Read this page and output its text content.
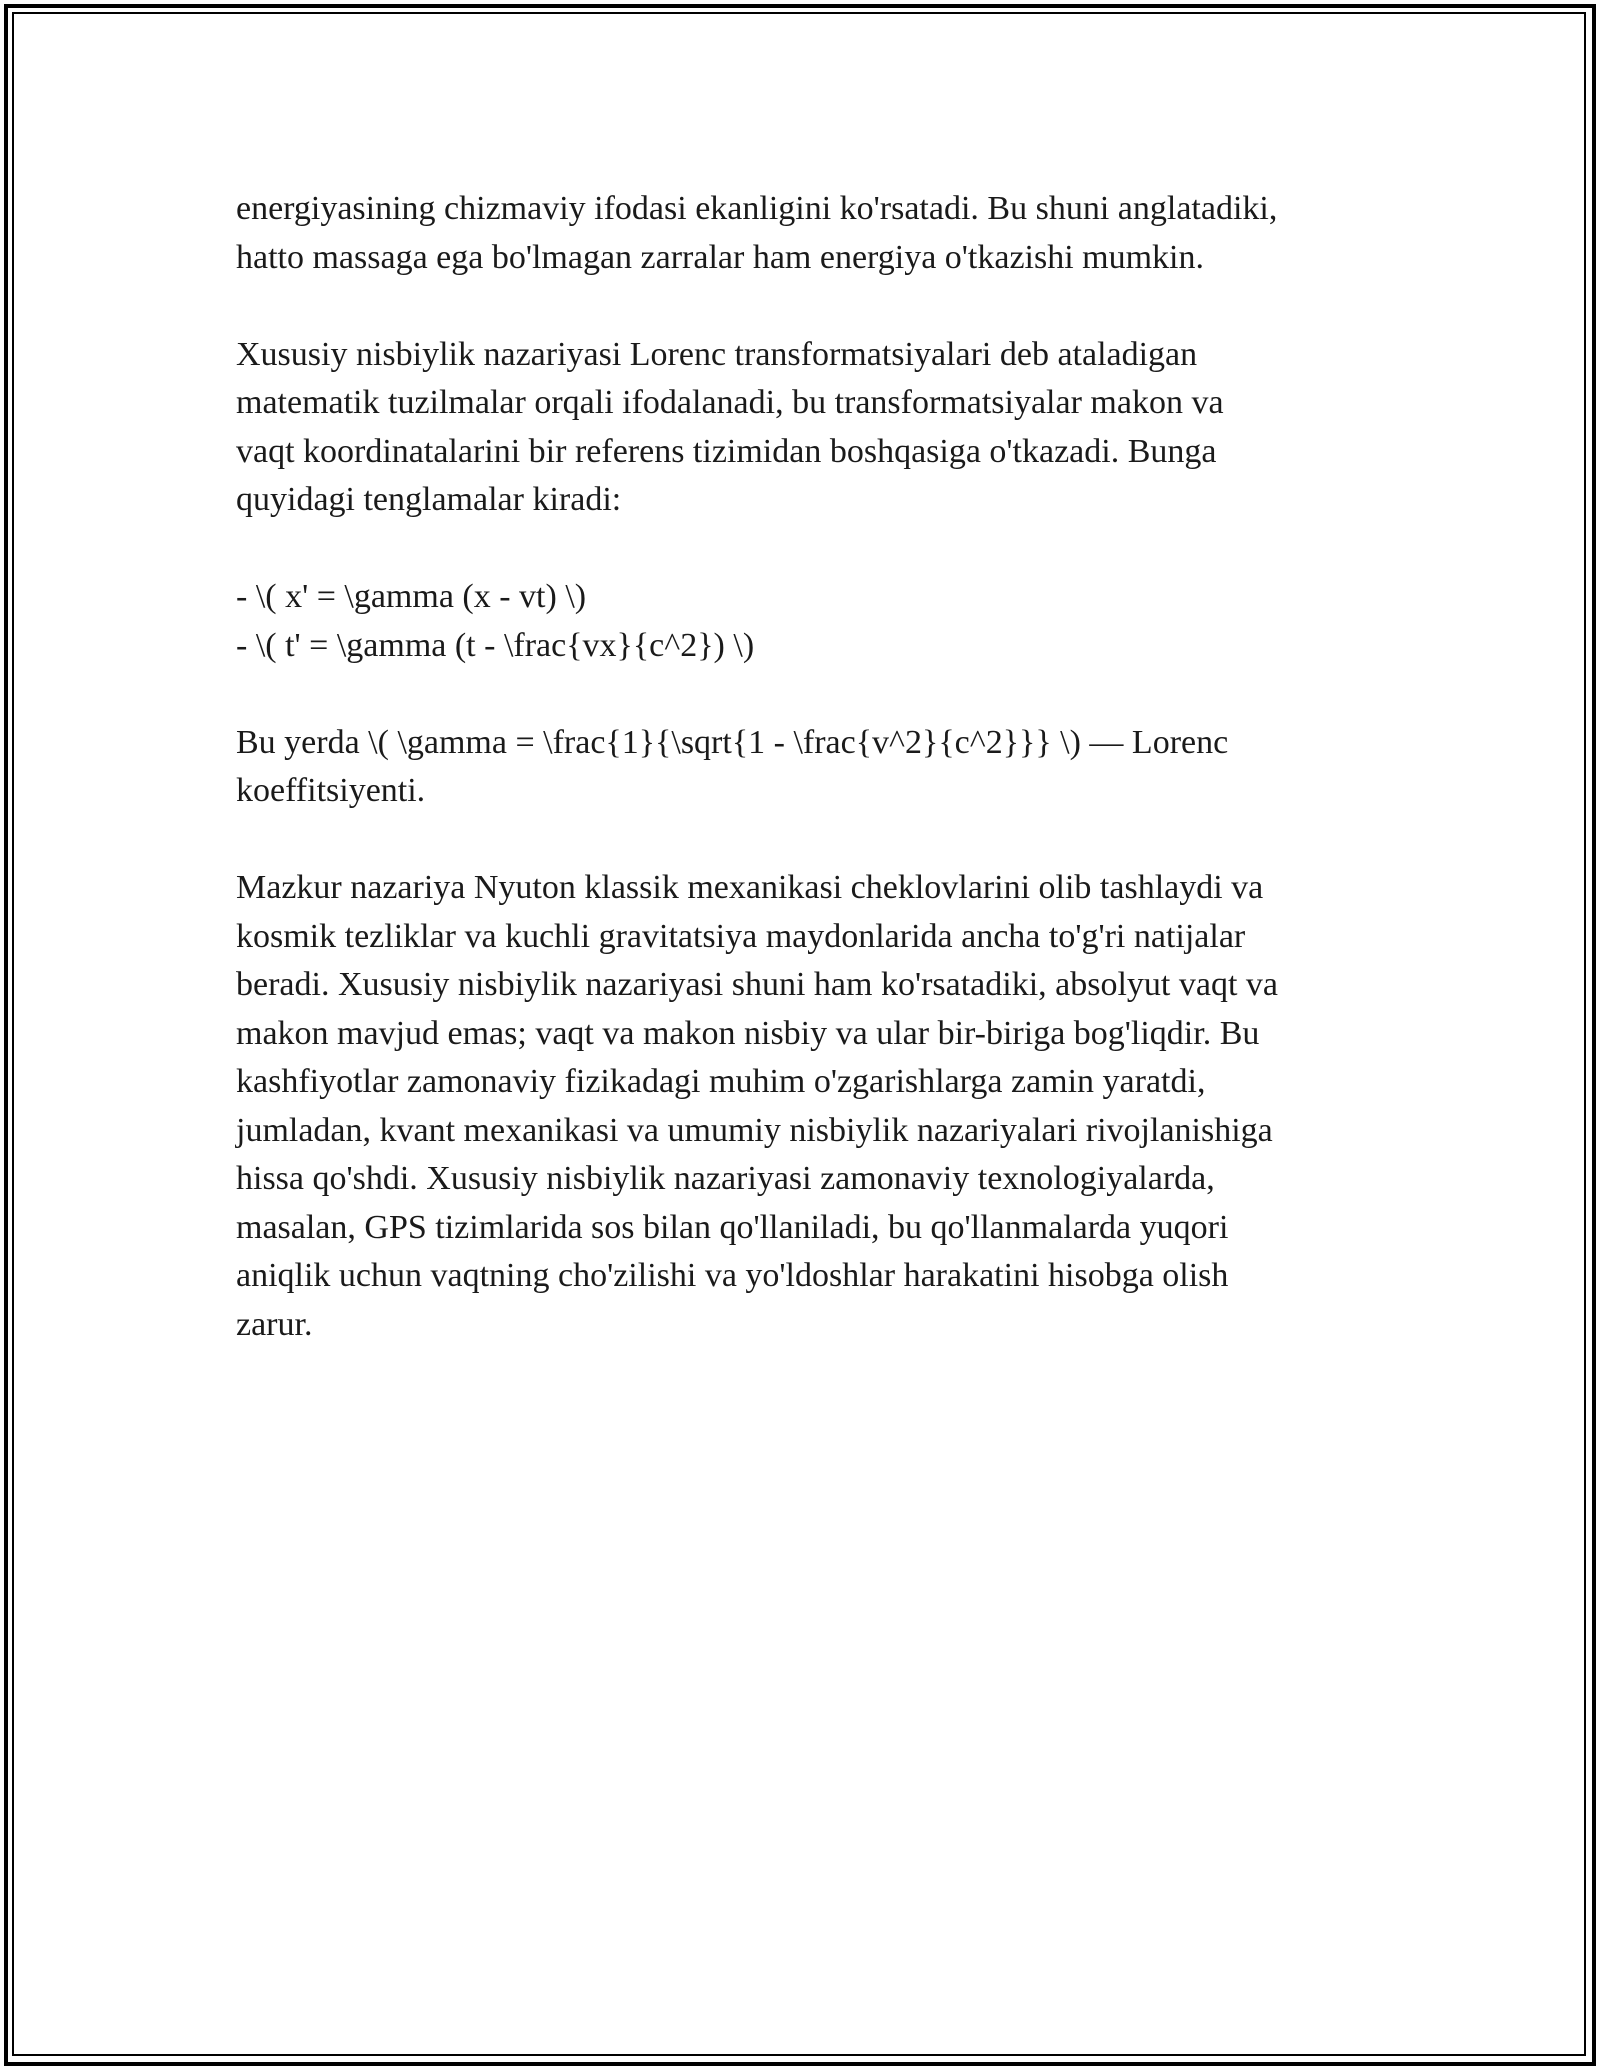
energiyasining chizmaviy ifodasi ekanligini ko'rsatadi. Bu shuni anglatadiki,
hatto massaga ega bo'lmagan zarralar ham energiya o'tkazishi mumkin.

Xususiy nisbiylik nazariyasi Lorenc transformatsiyalari deb ataladigan
matematik tuzilmalar orqali ifodalanadi, bu transformatsiyalar makon va
vaqt koordinatalarini bir referens tizimidan boshqasiga o'tkazadi. Bunga
quyidagi tenglamalar kiradi:

- \( x' = \gamma (x - vt) \)

- \( t' = \gamma (t - \frac{vx}{c^2}) \)

Bu yerda \( \gamma = \frac{1}{\sqrt{1 - \frac{v^2}{c^2}}} \) — Lorenc
koeffitsiyenti.

Mazkur nazariya Nyuton klassik mexanikasi cheklovlarini olib tashlaydi va
kosmik tezliklar va kuchli gravitatsiya maydonlarida ancha to'g'ri natijalar
beradi. Xususiy nisbiylik nazariyasi shuni ham ko'rsatadiki, absolyut vaqt va
makon mavjud emas; vaqt va makon nisbiy va ular bir-biriga bog'liqdir. Bu
kashfiyotlar zamonaviy fizikadagi muhim o'zgarishlarga zamin yaratdi,
jumladan, kvant mexanikasi va umumiy nisbiylik nazariyalari rivojlanishiga
hissa qo'shdi. Xususiy nisbiylik nazariyasi zamonaviy texnologiyalarda,
masalan, GPS tizimlarida sos bilan qo'llaniladi, bu qo'llanmalarda yuqori
aniqlik uchun vaqtning cho'zilishi va yo'ldoshlar harakatini hisobga olish
zarur.
